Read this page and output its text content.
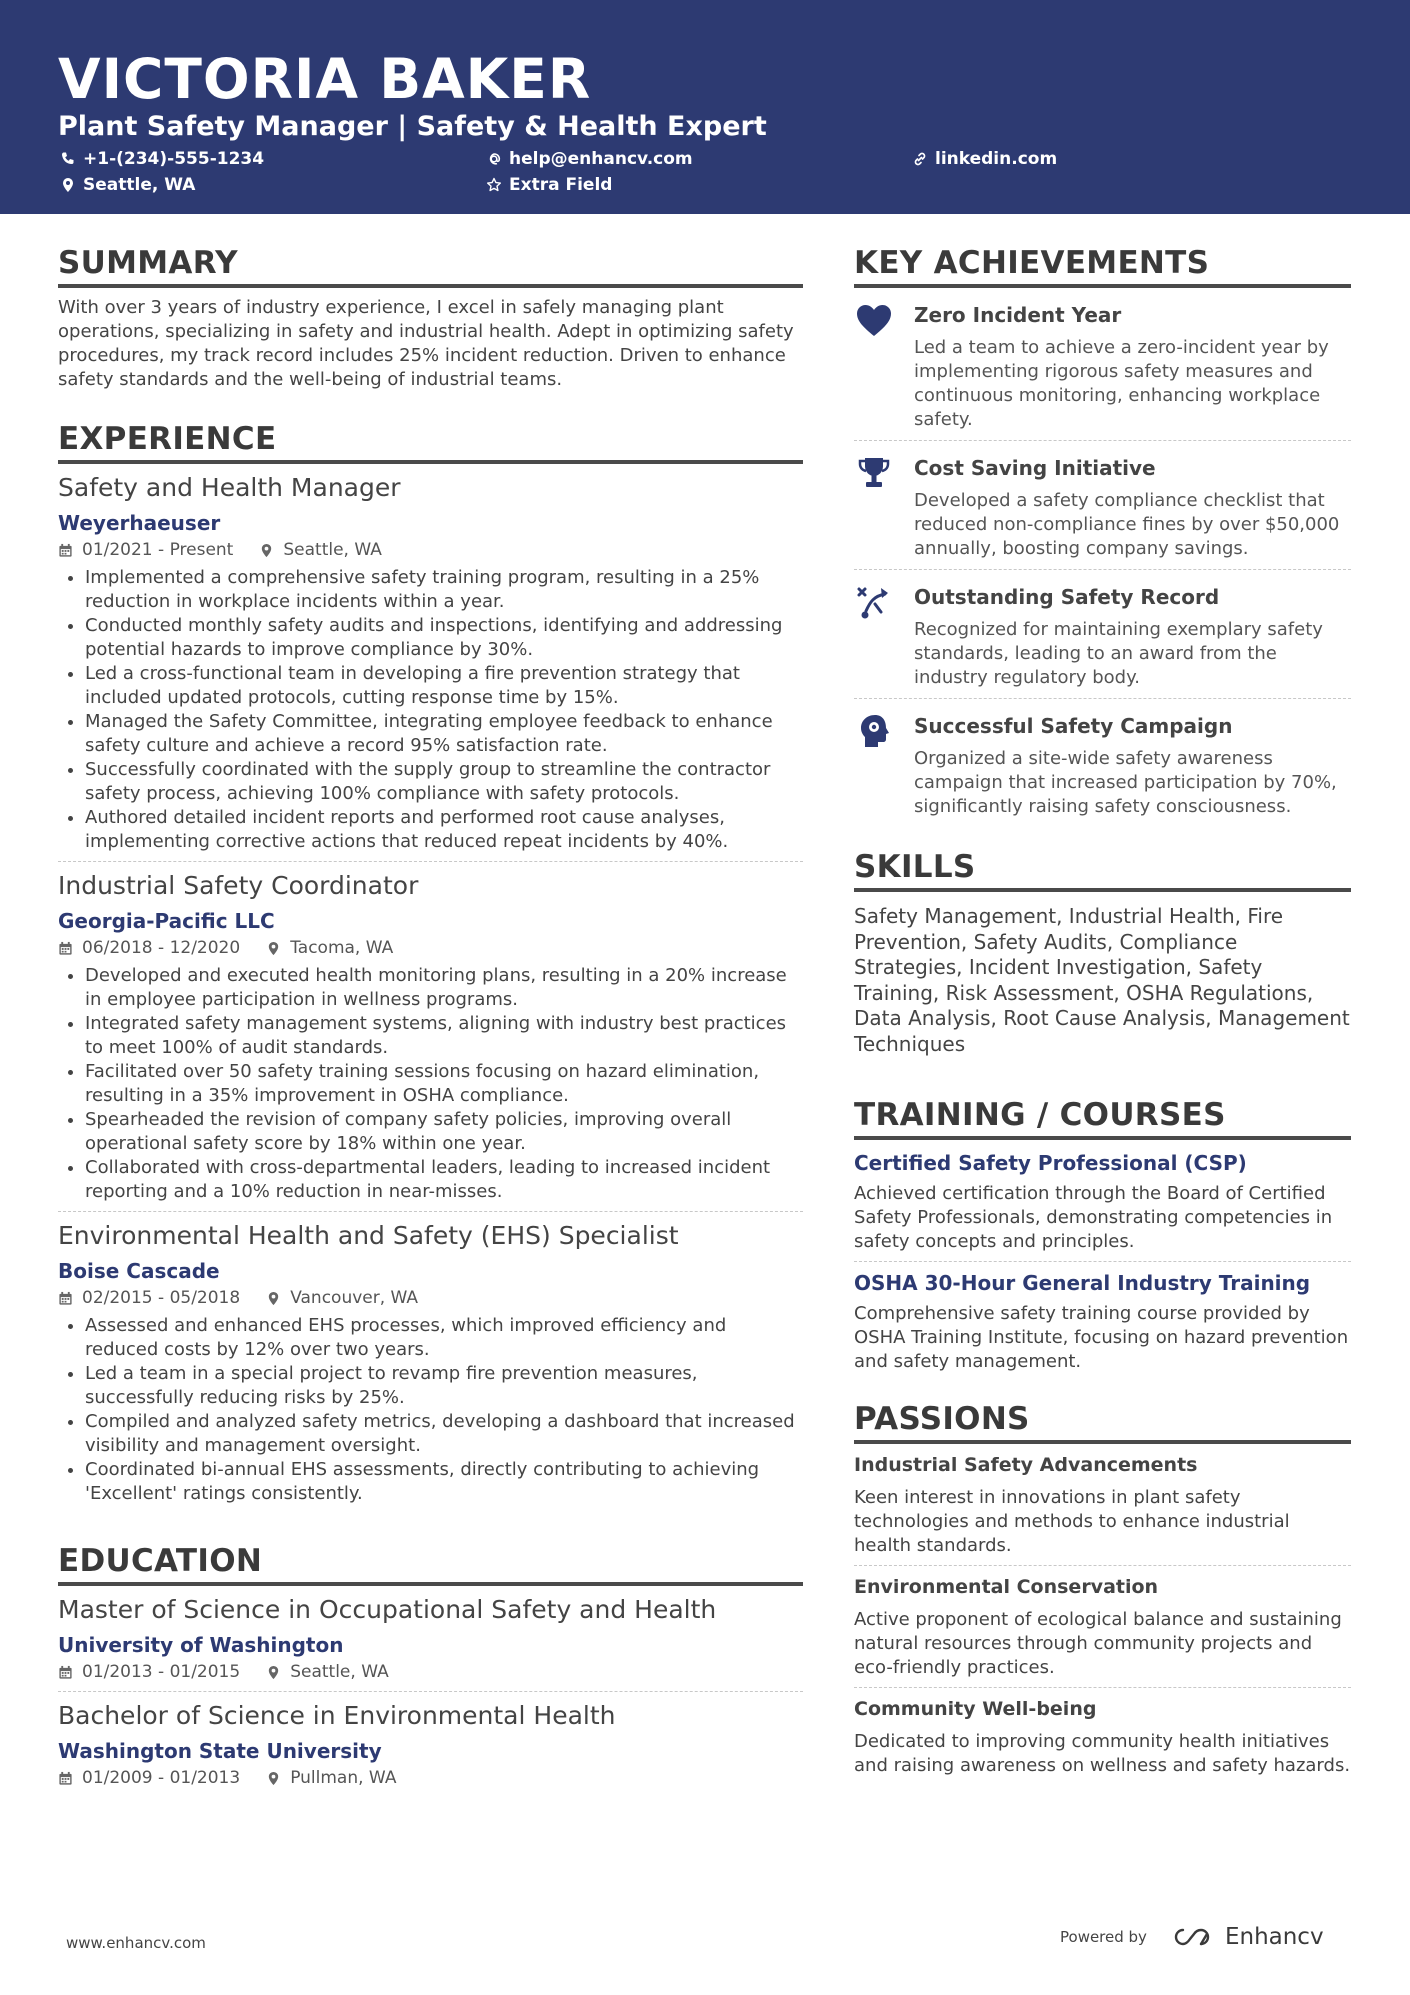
VICTORIA BAKER
Plant Safety Manager | Safety & Health Expert
+1-(234)-555-1234	help@enhancv.com	linkedin.com
Seattle, WA	Extra Field
SUMMARY

With over 3 years of industry experience, I excel in safely managing plant operations, specializing in safety and industrial health. Adept in optimizing safety procedures, my track record includes 25% incident reduction. Driven to enhance safety standards and the well-being of industrial teams.

EXPERIENCE
Safety and Health Manager
Weyerhaeuser
01/2021 - Present	Seattle, WA
• Implemented a comprehensive safety training program, resulting in a 25% reduction in workplace incidents within a year.
• Conducted monthly safety audits and inspections, identifying and addressing potential hazards to improve compliance by 30%.
• Led a cross-functional team in developing a fire prevention strategy that included updated protocols, cutting response time by 15%.
• Managed the Safety Committee, integrating employee feedback to enhance safety culture and achieve a record 95% satisfaction rate.
• Successfully coordinated with the supply group to streamline the contractor safety process, achieving 100% compliance with safety protocols.
• Authored detailed incident reports and performed root cause analyses, implementing corrective actions that reduced repeat incidents by 40%.
Industrial Safety Coordinator
Georgia-Pacific LLC
06/2018 - 12/2020	Tacoma, WA
• Developed and executed health monitoring plans, resulting in a 20% increase in employee participation in wellness programs.
• Integrated safety management systems, aligning with industry best practices to meet 100% of audit standards.
• Facilitated over 50 safety training sessions focusing on hazard elimination, resulting in a 35% improvement in OSHA compliance.
• Spearheaded the revision of company safety policies, improving overall operational safety score by 18% within one year.
• Collaborated with cross-departmental leaders, leading to increased incident reporting and a 10% reduction in near-misses.
Environmental Health and Safety (EHS) Specialist
Boise Cascade
02/2015 - 05/2018	Vancouver, WA
• Assessed and enhanced EHS processes, which improved efficiency and reduced costs by 12% over two years.
• Led a team in a special project to revamp fire prevention measures, successfully reducing risks by 25%.
• Compiled and analyzed safety metrics, developing a dashboard that increased visibility and management oversight.
• Coordinated bi-annual EHS assessments, directly contributing to achieving 'Excellent' ratings consistently.
EDUCATION
Master of Science in Occupational Safety and Health
University of Washington
01/2013 - 01/2015	Seattle, WA
Bachelor of Science in Environmental Health
Washington State University
01/2009 - 01/2013	Pullman, WA
KEY ACHIEVEMENTS
Zero Incident Year

Led a team to achieve a zero-incident year by implementing rigorous safety measures and continuous monitoring, enhancing workplace safety.

Cost Saving Initiative

Developed a safety compliance checklist that reduced non-compliance fines by over $50,000 annually, boosting company savings.

Outstanding Safety Record

Recognized for maintaining exemplary safety standards, leading to an award from the industry regulatory body.

Successful Safety Campaign

Organized a site-wide safety awareness campaign that increased participation by 70%, significantly raising safety consciousness.

SKILLS

Safety Management, Industrial Health, Fire Prevention, Safety Audits, Compliance Strategies, Incident Investigation, Safety Training, Risk Assessment, OSHA Regulations, Data Analysis, Root Cause Analysis, Management Techniques

TRAINING / COURSES
Certified Safety Professional (CSP)

Achieved certification through the Board of Certified Safety Professionals, demonstrating competencies in safety concepts and principles.

OSHA 30-Hour General Industry Training

Comprehensive safety training course provided by OSHA Training Institute, focusing on hazard prevention and safety management.

PASSIONS
Industrial Safety Advancements

Keen interest in innovations in plant safety technologies and methods to enhance industrial health standards.

Environmental Conservation

Active proponent of ecological balance and sustaining natural resources through community projects and eco-friendly practices.

Community Well-being

Dedicated to improving community health initiatives and raising awareness on wellness and safety hazards.

www.enhancv.com	Powered by	Enhancv
